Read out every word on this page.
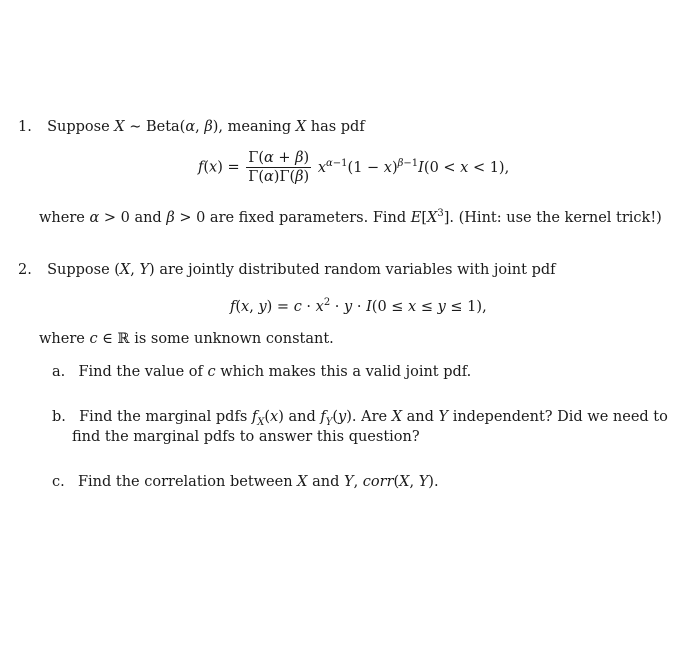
1. Suppose X ∼ Beta(α, β), meaning X has pdf
$f(x) = \frac{\Gamma(\alpha + \beta)}{\Gamma(\alpha)\Gamma(\beta)} x^{\alpha-1}(1 - x)^{\beta-1}I(0 < x < 1)$,
where α > 0 and β > 0 are fixed parameters. Find $E[X^3]$. (Hint: use the kernel trick!)
2. Suppose (X, Y) are jointly distributed random variables with joint pdf
f(x, $y) = c \cdot x^2 \cdot y \cdot I(0 \le x \le y \le 1)$,
where c ∈ ℝ is some unknown constant.
a. Find the value of c which makes this a valid joint pdf.
b. Find the marginal pdfs $f_X(x)$ and $f_Y(y)$. Are X and Y independent? Did we need to
find the marginal pdfs to answer this question?
c. Find the correlation between X and Y, corr(X, Y).
